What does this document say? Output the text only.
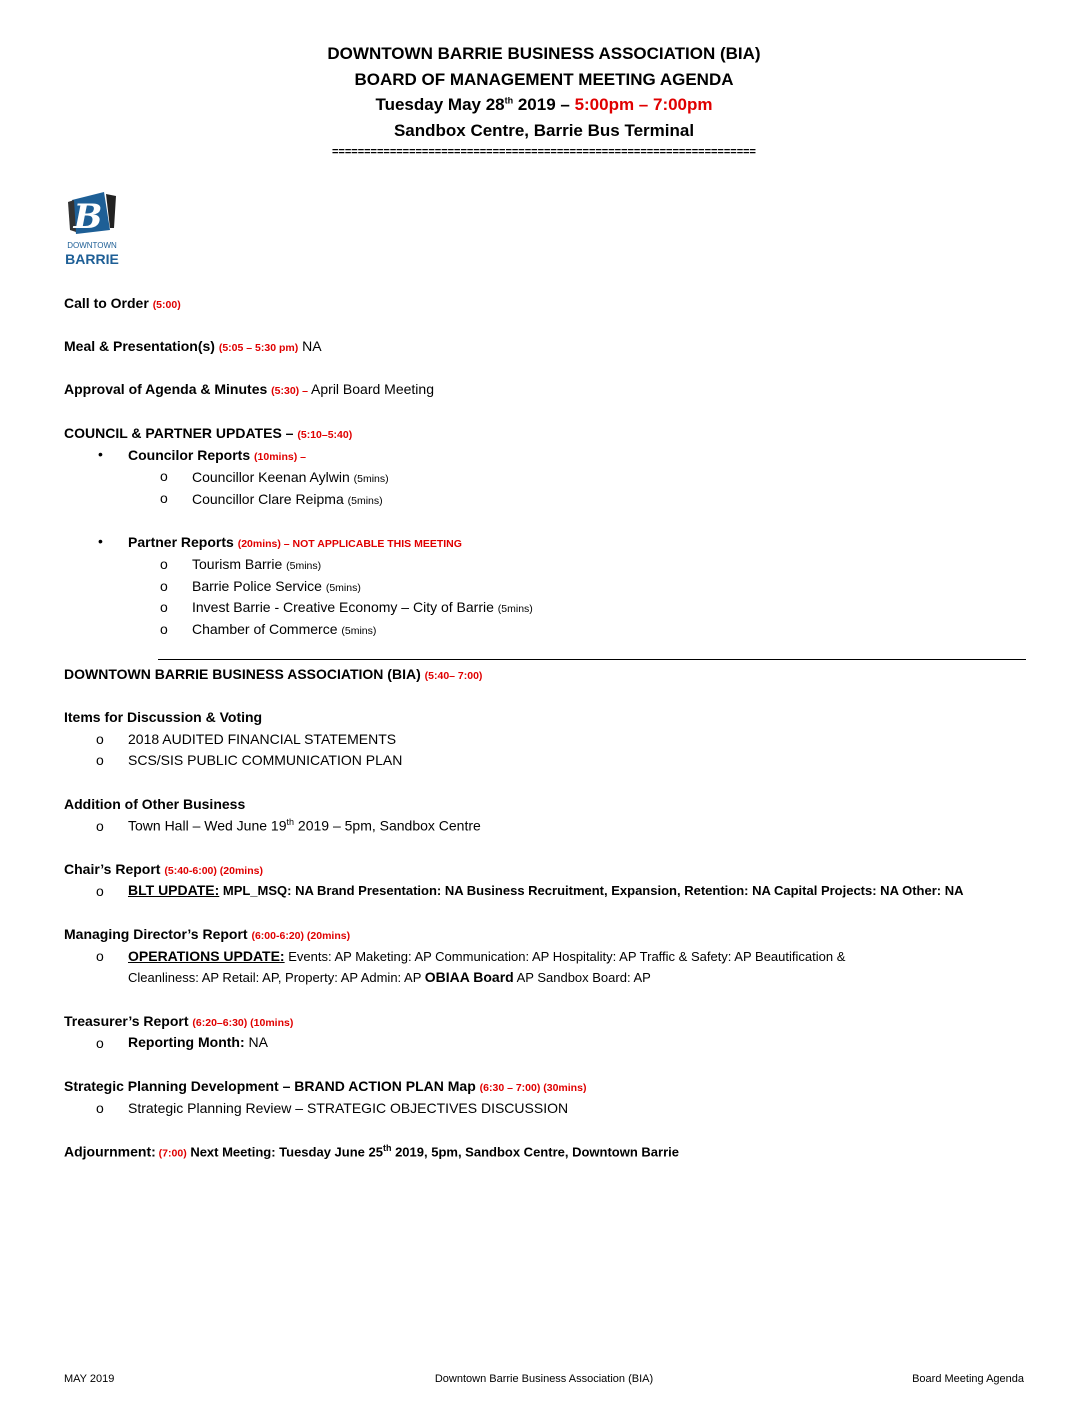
DOWNTOWN BARRIE BUSINESS ASSOCIATION (BIA)
BOARD OF MANAGEMENT MEETING AGENDA
Tuesday May 28th 2019 – 5:00pm – 7:00pm
Sandbox Centre, Barrie Bus Terminal
==================================================================
B
DOWNTOWN
BARRIE
Call to Order (5:00)
Meal & Presentation(s) (5:05 – 5:30 pm) NA
Approval of Agenda & Minutes (5:30) – April Board Meeting
COUNCIL & PARTNER UPDATES – (5:10–5:40)
• Councilor Reports (10mins) –
o Councillor Keenan Aylwin (5mins)
o Councillor Clare Reipma (5mins)
• Partner Reports (20mins) – NOT APPLICABLE THIS MEETING
o Tourism Barrie (5mins)
o Barrie Police Service (5mins)
o Invest Barrie - Creative Economy – City of Barrie (5mins)
o Chamber of Commerce (5mins)
DOWNTOWN BARRIE BUSINESS ASSOCIATION (BIA) (5:40– 7:00)
Items for Discussion & Voting
o 2018 AUDITED FINANCIAL STATEMENTS
o SCS/SIS PUBLIC COMMUNICATION PLAN
Addition of Other Business
o Town Hall – Wed June 19th 2019 – 5pm, Sandbox Centre
Chair’s Report (5:40-6:00) (20mins)
o BLT UPDATE: MPL_MSQ: NA Brand Presentation: NA Business Recruitment, Expansion, Retention: NA Capital Projects: NA Other: NA
Managing Director’s Report (6:00-6:20) (20mins)
o OPERATIONS UPDATE: Events: AP Maketing: AP Communication: AP Hospitality: AP Traffic & Safety: AP Beautification &
Cleanliness: AP Retail: AP, Property: AP Admin: AP OBIAA Board AP Sandbox Board: AP
Treasurer’s Report (6:20–6:30) (10mins)
o Reporting Month: NA
Strategic Planning Development – BRAND ACTION PLAN Map (6:30 – 7:00) (30mins)
o Strategic Planning Review – STRATEGIC OBJECTIVES DISCUSSION
Adjournment: (7:00) Next Meeting: Tuesday June 25th 2019, 5pm, Sandbox Centre, Downtown Barrie
MAY 2019	Downtown Barrie Business Association (BIA)	Board Meeting Agenda
